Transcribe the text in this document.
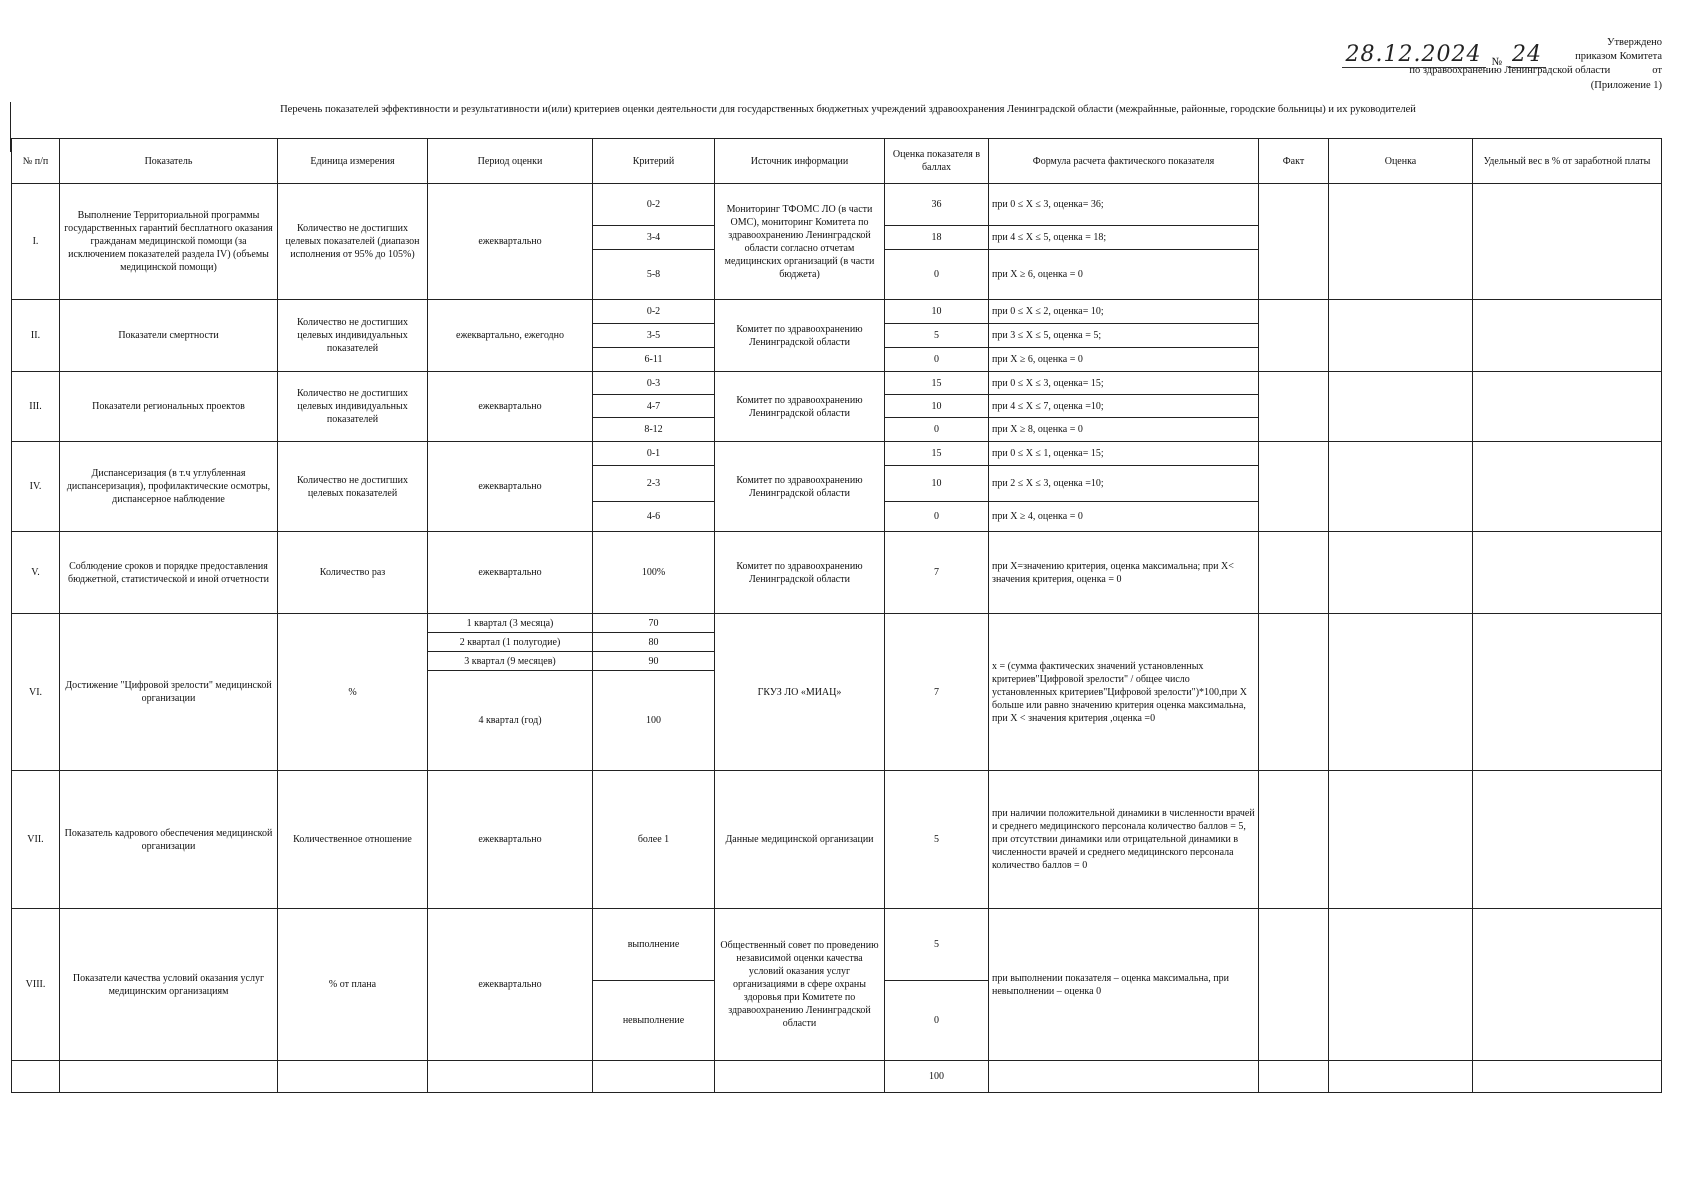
Утверждено
приказом Комитета
по здравоохранению Ленинградской области	от
28.12.2024 № 24
(Приложение 1)
Перечень показателей эффективности и результативности и(или) критериев оценки деятельности для государственных бюджетных учреждений здравоохранения Ленинградской области (межрайнные, районные, городские больницы) и их руководителей
№ п/п	Показатель	Единица измерения	Период оценки	Критерий	Источник информации	Оценка показателя в баллах	Формула расчета фактического показателя	Факт	Оценка	Удельный вес в % от заработной платы
I.	Выполнение Территориальной программы государственных гарантий бесплатного оказания гражданам медицинской помощи (за исключением показателей раздела IV) (объемы медицинской помощи)	Количество не достигших целевых показателей (диапазон исполнения от 95% до 105%)	ежеквартально	0-2	Мониторинг ТФОМС ЛО (в части ОМС), мониторинг Комитета по здравоохранению Ленинградской области согласно отчетам медицинских организаций (в части бюджета)	36	при 0 ≤ X ≤ 3, оценка= 36;			
				3-4		18	при 4 ≤ X ≤ 5, оценка = 18;			
				5-8		0	при X ≥ 6, оценка = 0			
II.	Показатели смертности	Количество не достигших целевых индивидуальных показателей	ежеквартально, ежегодно	0-2	Комитет по здравоохранению Ленинградской области	10	при 0 ≤ X ≤ 2, оценка= 10;			
				3-5		5	при 3 ≤ X ≤ 5, оценка = 5;			
				6-11		0	при X ≥ 6, оценка = 0			
III.	Показатели региональных проектов	Количество не достигших целевых индивидуальных показателей	ежеквартально	0-3	Комитет по здравоохранению Ленинградской области	15	при 0 ≤ X ≤ 3, оценка= 15;			
				4-7		10	при 4 ≤ X ≤ 7, оценка =10;			
				8-12		0	при X ≥ 8, оценка = 0			
IV.	Диспансеризация (в т.ч углубленная диспансеризация), профилактические осмотры, диспансерное наблюдение	Количество не достигших целевых показателей	ежеквартально	0-1	Комитет по здравоохранению Ленинградской области	15	при 0 ≤ X ≤ 1, оценка= 15;			
				2-3		10	при 2 ≤ X ≤ 3, оценка =10;			
				4-6		0	при X ≥ 4, оценка = 0			
V.	Соблюдение сроков и порядке предоставления бюджетной, статистической и иной отчетности	Количество раз	ежеквартально	100%	Комитет по здравоохранению Ленинградской области	7	при X=значению критерия, оценка максимальна; при X< значения критерия, оценка = 0			
VI.	Достижение "Цифровой зрелости" медицинской организации	%	1 квартал (3 месяца)	70	ГКУЗ ЛО «МИАЦ»	7	x = (сумма фактических значений установленных критериев"Цифровой зрелости" / общее число установленных критериев"Цифровой зрелости")*100,при X больше или равно значению критерия оценка максимальна, при X < значения критерия ,оценка =0			
			2 квартал (1 полугодие)	80						
			3 квартал (9 месяцев)	90						
			4 квартал (год)	100						
VII.	Показатель кадрового обеспечения медицинской организации	Количественное отношение	ежеквартально	более 1	Данные медицинской организации	5	при наличии положительной динамики в численности врачей и среднего медицинского персонала количество баллов = 5, при отсутствии динамики или отрицательной динамики в численности врачей и среднего медицинского персонала количество баллов = 0			
VIII.	Показатели качества условий оказания услуг медицинским организациям	% от плана	ежеквартально	выполнение	Общественный совет по проведению независимой оценки качества условий оказания услуг организациями в сфере охраны здоровья при Комитете по здравоохранению Ленинградской области	5	при выполнении показателя – оценка максимальна, при невыполнении – оценка 0			
				невыполнение		0				
						100				
